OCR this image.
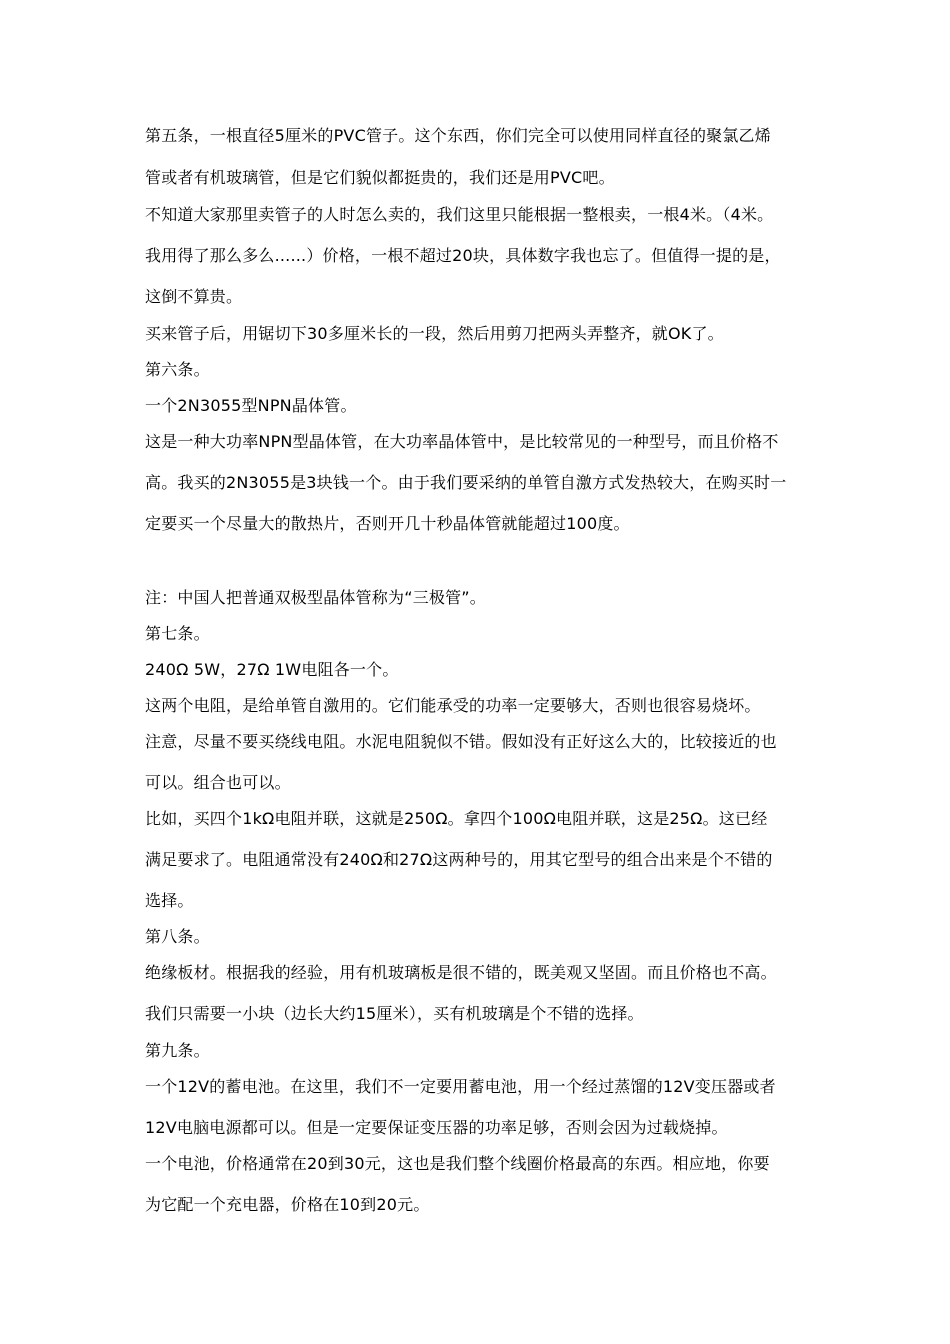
第五条，一根直径5厘米的PVC管子。这个东西，你们完全可以使用同样直径的聚氯乙烯
管或者有机玻璃管，但是它们貌似都挺贵的，我们还是用PVC吧。
不知道大家那里卖管子的人时怎么卖的，我们这里只能根据一整根卖，一根4米。（4米。
我用得了那么多么......）价格，一根不超过20块，具体数字我也忘了。但值得一提的是，
这倒不算贵。
买来管子后，用锯切下30多厘米长的一段，然后用剪刀把两头弄整齐，就OK了。
第六条。
一个2N3055型NPN晶体管。
这是一种大功率NPN型晶体管，在大功率晶体管中，是比较常见的一种型号，而且价格不
高。我买的2N3055是3块钱一个。由于我们要采纳的单管自激方式发热较大，在购买时一
定要买一个尽量大的散热片，否则开几十秒晶体管就能超过100度。
注：中国人把普通双极型晶体管称为“三极管”。
第七条。
240Ω 5W，27Ω 1W电阻各一个。
这两个电阻，是给单管自激用的。它们能承受的功率一定要够大，否则也很容易烧坏。
注意，尽量不要买绕线电阻。水泥电阻貌似不错。假如没有正好这么大的，比较接近的也
可以。组合也可以。
比如，买四个1kΩ电阻并联，这就是250Ω。拿四个100Ω电阻并联，这是25Ω。这已经
满足要求了。电阻通常没有240Ω和27Ω这两种号的，用其它型号的组合出来是个不错的
选择。
第八条。
绝缘板材。根据我的经验，用有机玻璃板是很不错的，既美观又坚固。而且价格也不高。
我们只需要一小块（边长大约15厘米），买有机玻璃是个不错的选择。
第九条。
一个12V的蓄电池。在这里，我们不一定要用蓄电池，用一个经过蒸馏的12V变压器或者
12V电脑电源都可以。但是一定要保证变压器的功率足够，否则会因为过载烧掉。
一个电池，价格通常在20到30元，这也是我们整个线圈价格最高的东西。相应地，你要
为它配一个充电器，价格在10到20元。
